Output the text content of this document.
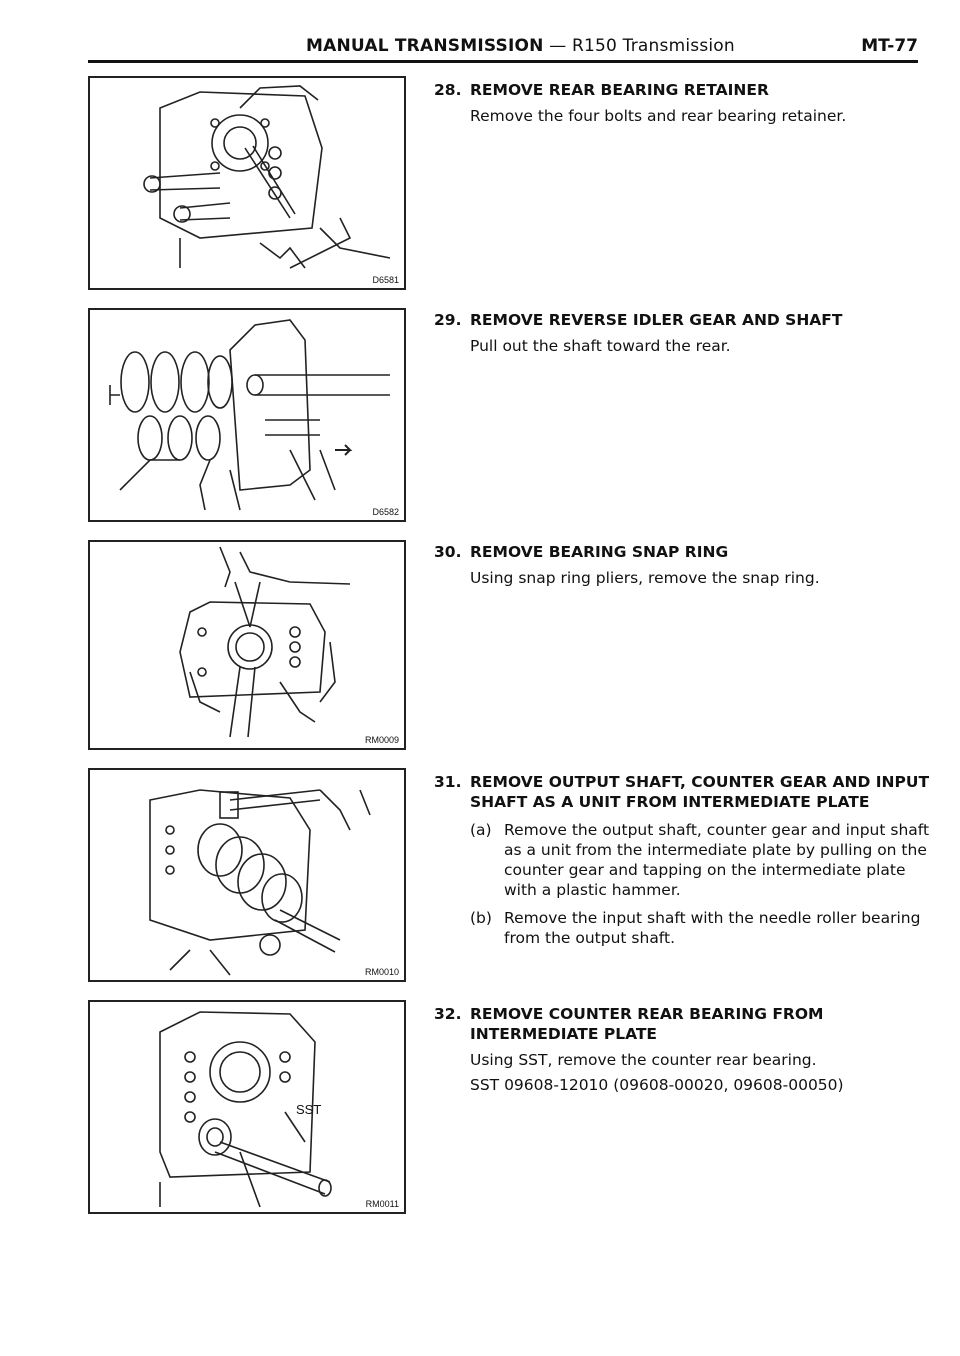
MANUAL TRANSMISSION — R150 Transmission	MT-77
D6581
D6582
RM0009
RM0010
SST
RM0011
28. REMOVE REAR BEARING RETAINER
Remove the four bolts and rear bearing retainer.
29. REMOVE REVERSE IDLER GEAR AND SHAFT
Pull out the shaft toward the rear.
30. REMOVE BEARING SNAP RING
Using snap ring pliers, remove the snap ring.
31. REMOVE OUTPUT SHAFT, COUNTER GEAR AND INPUT
SHAFT AS A UNIT FROM INTERMEDIATE PLATE
(a) Remove the output shaft, counter gear and input shaft as a unit from the intermediate plate by pulling on the counter gear and tapping on the intermediate plate with a plastic hammer.
(b) Remove the input shaft with the needle roller bearing from the output shaft.
32. REMOVE COUNTER REAR BEARING FROM
INTERMEDIATE PLATE
Using SST, remove the counter rear bearing.
SST 09608-12010 (09608-00020, 09608-00050)
